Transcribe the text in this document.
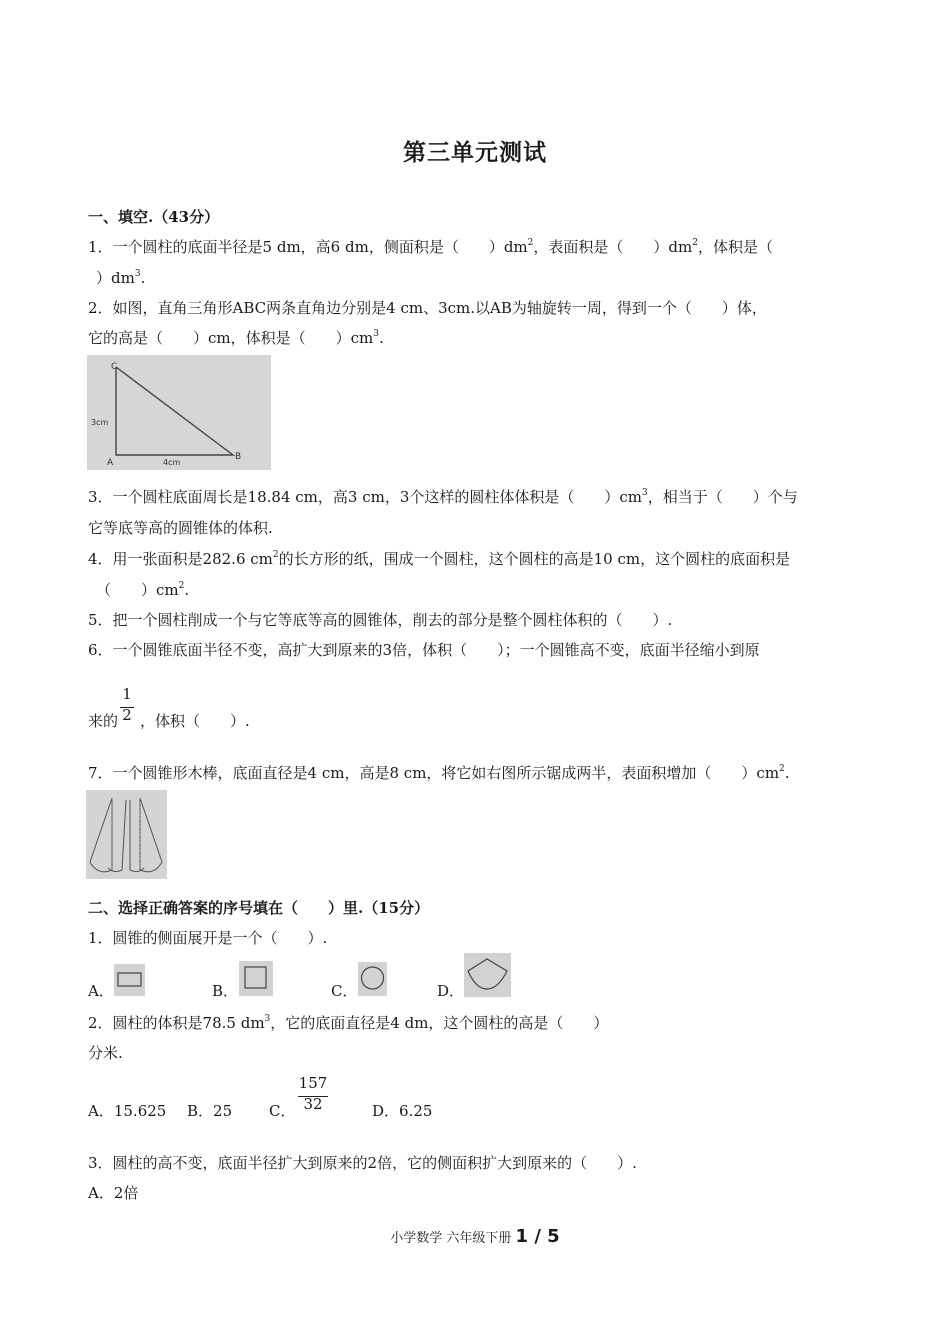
第三单元测试
一、填空.（43分）
1．一个圆柱的底面半径是5 dm，高6 dm，侧面积是（　　）$dm^2$，表面积是（　　）$dm^2$，体积是（
）$dm^3$.
2．如图，直角三角形ABC两条直角边分别是4 cm、3cm.以AB为轴旋转一周，得到一个（　　）体，
它的高是（　　）cm，体积是（　　）$cm^3$.
C
A
B
3cm
4cm
3．一个圆柱底面周长是18.84 cm，高3 cm，3个这样的圆柱体体积是（　　）$cm^3$，相当于（　　）个与
它等底等高的圆锥体的体积.
4．用一张面积是282.6 $cm^2$的长方形的纸，围成一个圆柱，这个圆柱的高是10 cm，这个圆柱的底面积是
（　　）$cm^2$.
5．把一个圆柱削成一个与它等底等高的圆锥体，削去的部分是整个圆柱体积的（　　）.
6．一个圆锥底面半径不变，高扩大到原来的3倍，体积（　　）；一个圆锥高不变，底面半径缩小到原
来的
1
2 ，体积（　　）.
7．一个圆锥形木棒，底面直径是4 cm，高是8 cm，将它如右图所示锯成两半，表面积增加（　　）$cm^2$.
二、选择正确答案的序号填在（　　）里.（15分）
1．圆锥的侧面展开是一个（　　）.
A．	B．	C．	D．
2．圆柱的体积是78.5 $dm^3$，它的底面直径是4 dm，这个圆柱的高是（　　）
分米.
A．15.625 B．25 C．
157
32	D．6.25
3．圆柱的高不变，底面半径扩大到原来的2倍，它的侧面积扩大到原来的（　　）.
A．2倍
小学数学 六年级下册 1 / 5
